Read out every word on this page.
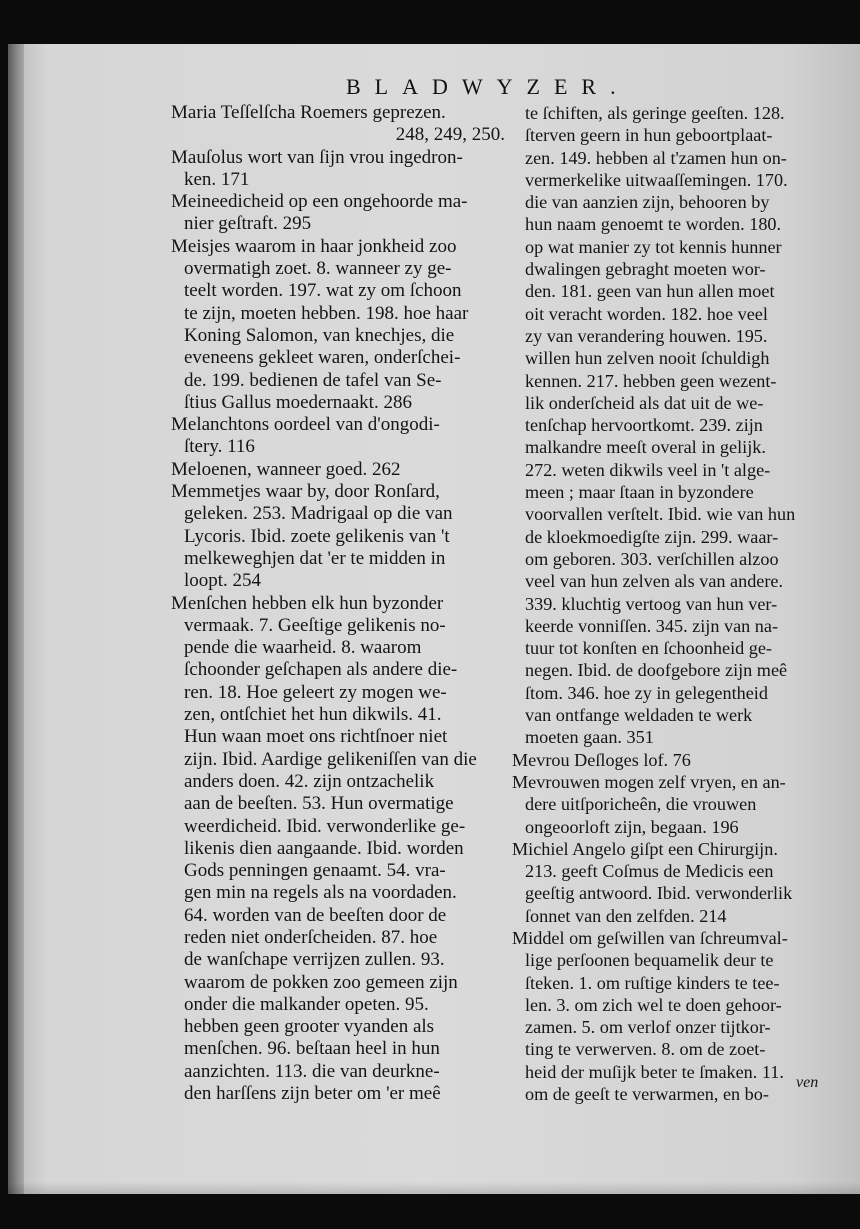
BLADWYZER.
Maria Teſſelſcha Roemers geprezen.
248, 249, 250.
Mauſolus wort van ſijn vrou ingedron-
ken. 171
Meineedicheid op een ongehoorde ma-
nier geſtraft. 295
Meisjes waarom in haar jonkheid zoo
overmatigh zoet. 8. wanneer zy ge-
teelt worden. 197. wat zy om ſchoon
te zijn, moeten hebben. 198. hoe haar
Koning Salomon, van knechjes, die
eveneens gekleet waren, onderſchei-
de. 199. bedienen de tafel van Se-
ſtius Gallus moedernaakt. 286
Melanchtons oordeel van d'ongodi-
ſtery. 116
Meloenen, wanneer goed. 262
Memmetjes waar by, door Ronſard,
geleken. 253. Madrigaal op die van
Lycoris. Ibid. zoete gelikenis van 't
melkeweghjen dat 'er te midden in
loopt. 254
Menſchen hebben elk hun byzonder
vermaak. 7. Geeſtige gelikenis no-
pende die waarheid. 8. waarom
ſchoonder geſchapen als andere die-
ren. 18. Hoe geleert zy mogen we-
zen, ontſchiet het hun dikwils. 41.
Hun waan moet ons richtſnoer niet
zijn. Ibid. Aardige gelikeniſſen van die
anders doen. 42. zijn ontzachelik
aan de beeſten. 53. Hun overmatige
weerdicheid. Ibid. verwonderlike ge-
likenis dien aangaande. Ibid. worden
Gods penningen genaamt. 54. vra-
gen min na regels als na voordaden.
64. worden van de beeſten door de
reden niet onderſcheiden. 87. hoe
de wanſchape verrijzen zullen. 93.
waarom de pokken zoo gemeen zijn
onder die malkander opeten. 95.
hebben geen grooter vyanden als
menſchen. 96. beſtaan heel in hun
aanzichten. 113. die van deurkne-
den harſſens zijn beter om 'er meê
te ſchiften, als geringe geeſten. 128.
ſterven geern in hun geboortplaat-
zen. 149. hebben al t'zamen hun on-
vermerkelike uitwaaſſemingen. 170.
die van aanzien zijn, behooren by
hun naam genoemt te worden. 180.
op wat manier zy tot kennis hunner
dwalingen gebraght moeten wor-
den. 181. geen van hun allen moet
oit veracht worden. 182. hoe veel
zy van verandering houwen. 195.
willen hun zelven nooit ſchuldigh
kennen. 217. hebben geen wezent-
lik onderſcheid als dat uit de we-
tenſchap hervoortkomt. 239. zijn
malkandre meeſt overal in gelijk.
272. weten dikwils veel in 't alge-
meen ; maar ſtaan in byzondere
voorvallen verſtelt. Ibid. wie van hun
de kloekmoedigſte zijn. 299. waar-
om geboren. 303. verſchillen alzoo
veel van hun zelven als van andere.
339. kluchtig vertoog van hun ver-
keerde vonniſſen. 345. zijn van na-
tuur tot konſten en ſchoonheid ge-
negen. Ibid. de doofgebore zijn meê
ſtom. 346. hoe zy in gelegentheid
van ontfange weldaden te werk
moeten gaan. 351
Mevrou Deſloges lof. 76
Mevrouwen mogen zelf vryen, en an-
dere uitſporicheên, die vrouwen
ongeoorloft zijn, begaan. 196
Michiel Angelo giſpt een Chirurgijn.
213. geeft Coſmus de Medicis een
geeſtig antwoord. Ibid. verwonderlik
ſonnet van den zelfden. 214
Middel om geſwillen van ſchreumval-
lige perſoonen bequamelik deur te
ſteken. 1. om ruſtige kinders te tee-
len. 3. om zich wel te doen gehoor-
zamen. 5. om verlof onzer tijtkor-
ting te verwerven. 8. om de zoet-
heid der muſijk beter te ſmaken. 11.
om de geeſt te verwarmen, en bo-
ven
